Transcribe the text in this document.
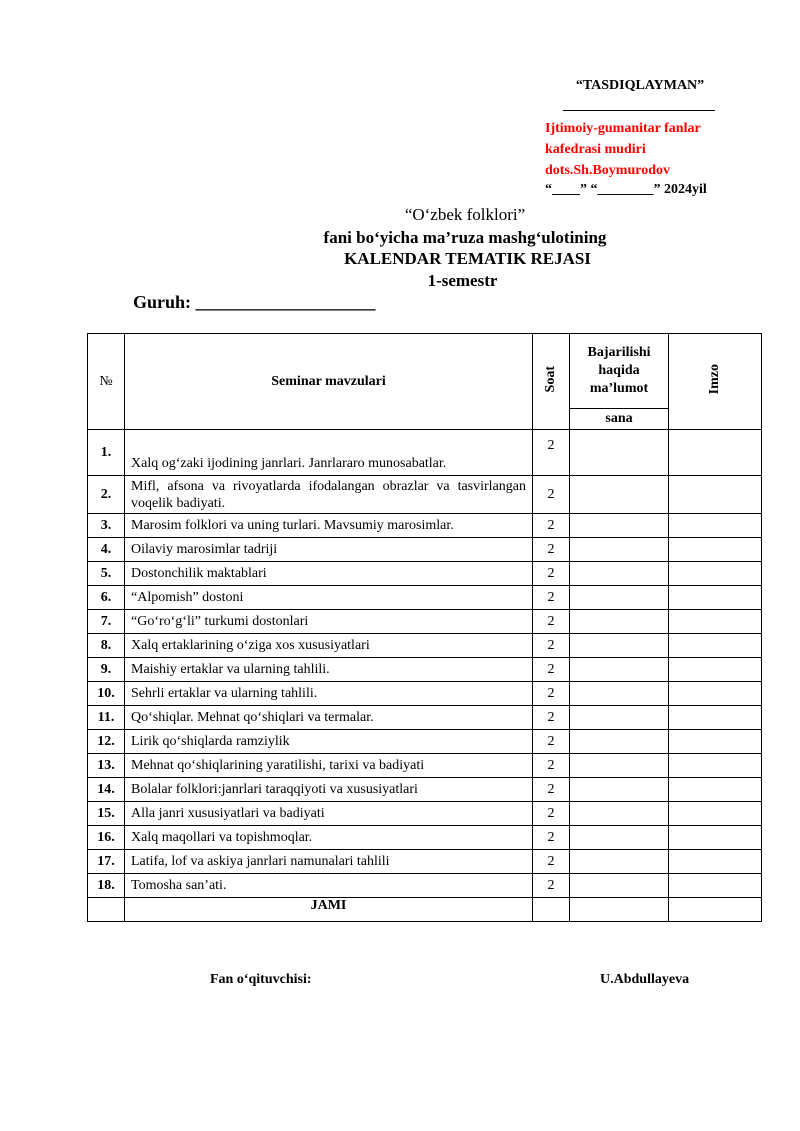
“TASDIQLAYMAN”
Ijtimoiy-gumanitar fanlar
kafedrasi mudiri
dots.Sh.Boymurodov
“____” “________” 2024yil
“O‘zbek folklori”
fani bo‘yicha ma’ruza mashg‘ulotining
KALENDAR TEMATIK REJASI
1-semestr
Guruh: ____________________
№	Seminar mavzulari	Soat	Bajarilishi haqida ma’lumot	Imzo
			sana	
1.	Xalq og‘zaki ijodining janrlari. Janrlararo munosabatlar.	2		
2.	Mifl, afsona va rivoyatlarda ifodalangan obrazlar va tasvirlangan voqelik badiyati.	2		
3.	Marosim folklori va uning turlari. Mavsumiy marosimlar.	2		
4.	Oilaviy marosimlar tadriji	2		
5.	Dostonchilik maktablari	2		
6.	“Alpomish” dostoni	2		
7.	“Go‘ro‘g‘li” turkumi dostonlari	2		
8.	Xalq ertaklarining o‘ziga xos xususiyatlari	2		
9.	Maishiy ertaklar va ularning tahlili.	2		
10.	Sehrli ertaklar va ularning tahlili.	2		
11.	Qo‘shiqlar. Mehnat qo‘shiqlari va termalar.	2		
12.	Lirik qo‘shiqlarda ramziylik	2		
13.	Mehnat qo‘shiqlarining yaratilishi, tarixi va badiyati	2		
14.	Bolalar folklori:janrlari taraqqiyoti va xususiyatlari	2		
15.	Alla janri xususiyatlari va badiyati	2		
16.	Xalq maqollari va topishmoqlar.	2		
17.	Latifa, lof va askiya janrlari namunalari tahlili	2		
18.	Tomosha san’ati.	2		
	JAMI			
Fan o‘qituvchisi:	U.Abdullayeva
